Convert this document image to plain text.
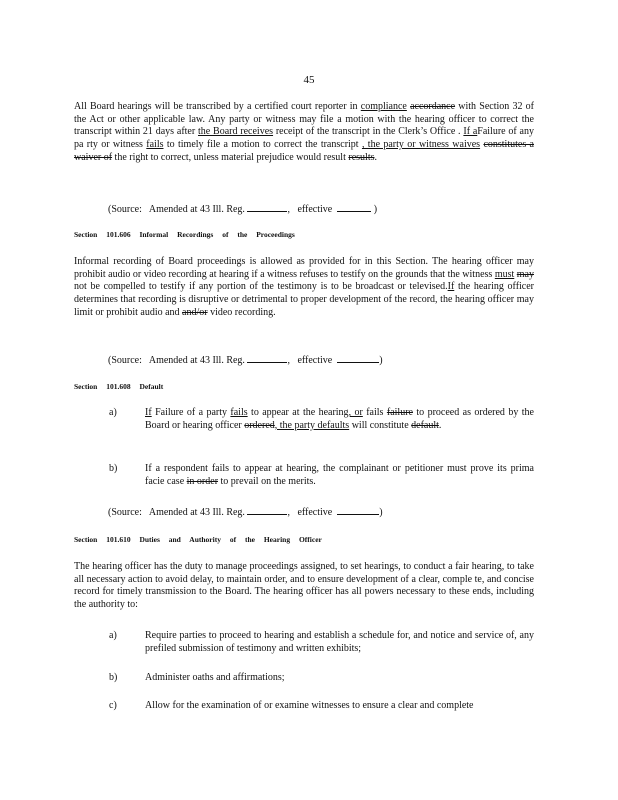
45
All Board hearings will be transcribed by a certified court reporter in compliance accordance with Section 32 of the Act or other applicable law. Any party or witness may file a motion with the hearing officer to correct the transcript within 21 days after the Board receives receipt of the transcript in the Clerk’s Office . If aFailure of any pa rty or witness fails to timely file a motion to correct the transcript , the party or witness waives constitutes a waiver of the right to correct, unless material prejudice would result results.
(Source: Amended at 43 Ill. Reg.	,   effective	)
Section 101.606 Informal Recordings of the Proceedings
Informal recording of Board proceedings is allowed as provided for in this Section. The hearing officer may prohibit audio or video recording at hearing if a witness refuses to testify on the grounds that the witness must may not be compelled to testify if any portion of the testimony is to be broadcast or televised.If the hearing officer determines that recording is disruptive or detrimental to proper development of the record, the hearing officer may limit or prohibit audio and and/or video recording.
(Source: Amended at 43 Ill. Reg.	,   effective	)
Section 101.608 Default
a)	If Failure of a party fails to appear at the hearing, or fails failure to proceed as ordered by the Board or hearing officer ordered, the party defaults will constitute default.
b)	If a respondent fails to appear at hearing, the complainant or petitioner must prove its prima facie case in order to prevail on the merits.
(Source: Amended at 43 Ill. Reg.	,   effective	)
Section 101.610 Duties and Authority of the Hearing Officer
The hearing officer has the duty to manage proceedings assigned, to set hearings, to conduct a fair hearing, to take all necessary action to avoid delay, to maintain order, and to ensure development of a clear, comple te, and concise record for timely transmission to the Board. The hearing officer has all powers necessary to these ends, including the authority to:
a)	Require parties to proceed to hearing and establish a schedule for, and notice and service of, any prefiled submission of testimony and written exhibits;
b)	Administer oaths and affirmations;
c)	Allow for the examination of or examine witnesses to ensure a clear and complete
